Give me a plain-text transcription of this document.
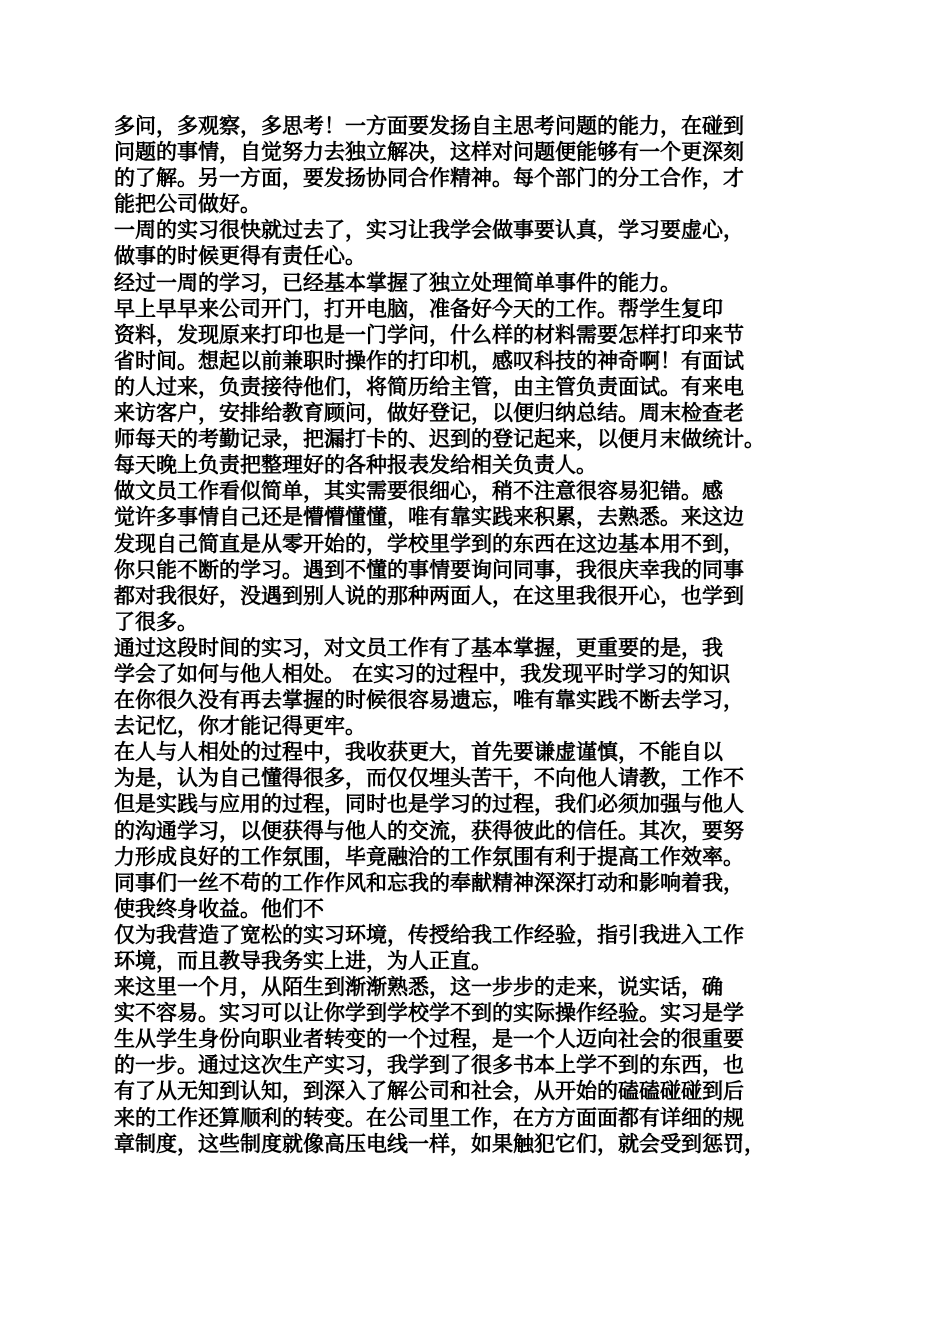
多问，多观察，多思考！一方面要发扬自主思考问题的能力，在碰到
问题的事情，自觉努力去独立解决，这样对问题便能够有一个更深刻
的了解。另一方面，要发扬协同合作精神。每个部门的分工合作，才
能把公司做好。
一周的实习很快就过去了，实习让我学会做事要认真，学习要虚心，
做事的时候更得有责任心。
经过一周的学习，已经基本掌握了独立处理简单事件的能力。
早上早早来公司开门，打开电脑，准备好今天的工作。帮学生复印
资料，发现原来打印也是一门学问，什么样的材料需要怎样打印来节
省时间。想起以前兼职时操作的打印机，感叹科技的神奇啊！有面试
的人过来，负责接待他们，将简历给主管，由主管负责面试。有来电
来访客户，安排给教育顾问，做好登记，以便归纳总结。周末检查老
师每天的考勤记录，把漏打卡的、迟到的登记起来，以便月末做统计。
每天晚上负责把整理好的各种报表发给相关负责人。
做文员工作看似简单，其实需要很细心，稍不注意很容易犯错。感
觉许多事情自己还是懵懵懂懂，唯有靠实践来积累，去熟悉。来这边
发现自己简直是从零开始的，学校里学到的东西在这边基本用不到，
你只能不断的学习。遇到不懂的事情要询问同事，我很庆幸我的同事
都对我很好，没遇到别人说的那种两面人，在这里我很开心，也学到
了很多。
通过这段时间的实习，对文员工作有了基本掌握，更重要的是，我
学会了如何与他人相处。 在实习的过程中，我发现平时学习的知识
在你很久没有再去掌握的时候很容易遗忘，唯有靠实践不断去学习，
去记忆，你才能记得更牢。
在人与人相处的过程中，我收获更大，首先要谦虚谨慎，不能自以
为是，认为自己懂得很多，而仅仅埋头苦干，不向他人请教，工作不
但是实践与应用的过程，同时也是学习的过程，我们必须加强与他人
的沟通学习，以便获得与他人的交流，获得彼此的信任。其次，要努
力形成良好的工作氛围，毕竟融洽的工作氛围有利于提高工作效率。
同事们一丝不苟的工作作风和忘我的奉献精神深深打动和影响着我，
使我终身收益。他们不
仅为我营造了宽松的实习环境，传授给我工作经验，指引我进入工作
环境，而且教导我务实上进，为人正直。
来这里一个月，从陌生到渐渐熟悉，这一步步的走来，说实话，确
实不容易。实习可以让你学到学校学不到的实际操作经验。实习是学
生从学生身份向职业者转变的一个过程，是一个人迈向社会的很重要
的一步。通过这次生产实习，我学到了很多书本上学不到的东西，也
有了从无知到认知，到深入了解公司和社会，从开始的磕磕碰碰到后
来的工作还算顺利的转变。在公司里工作，在方方面面都有详细的规
章制度，这些制度就像高压电线一样，如果触犯它们，就会受到惩罚，
